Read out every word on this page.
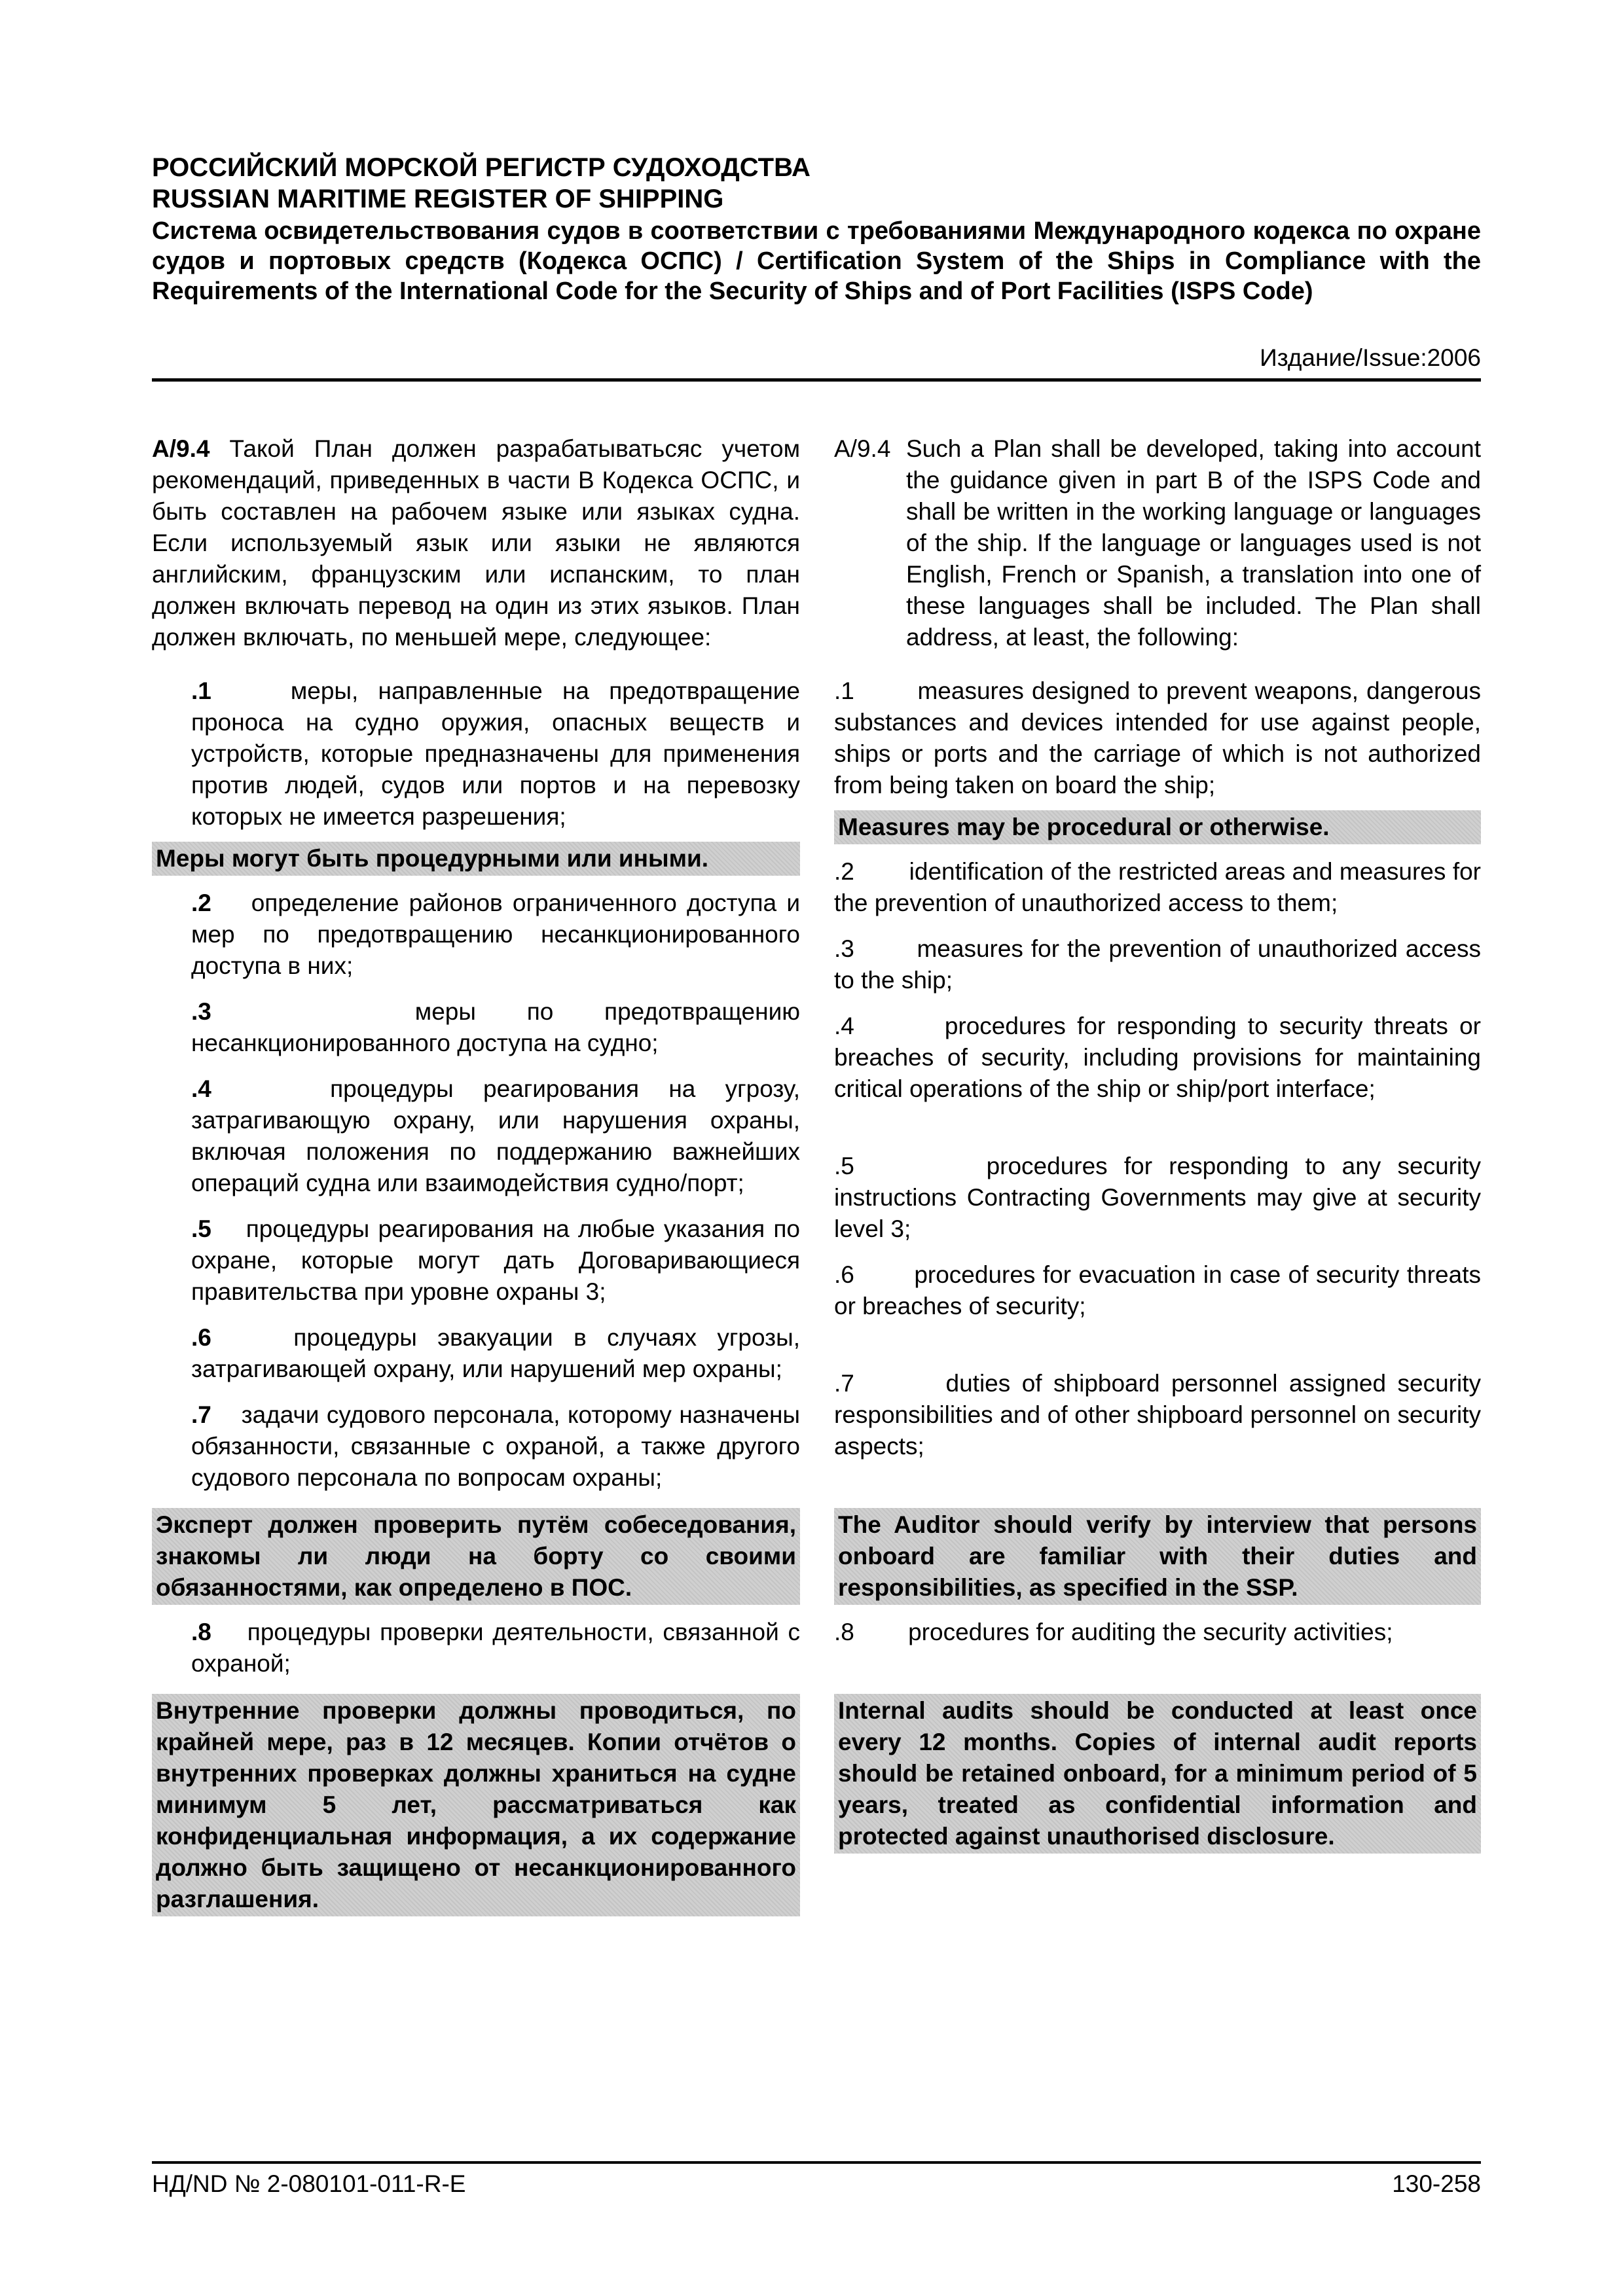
РОССИЙСКИЙ МОРСКОЙ РЕГИСТР СУДОХОДСТВА
RUSSIAN MARITIME REGISTER OF SHIPPING
Система освидетельствования судов в соответствии с требованиями Международного кодекса по охране судов и портовых средств (Кодекса ОСПС) / Certification System of the Ships in Compliance with the Requirements of the International Code for the Security of Ships and of Port Facilities (ISPS Code)
Издание/Issue:2006
А/9.4 Такой План должен разрабатыватьсяс учетом рекомендаций, приведенных в части В Кодекса ОСПС, и быть составлен на рабочем языке или языках судна. Если используемый язык или языки не являются английским, французским или испанским, то план должен включать перевод на один из этих языков. План должен включать, по меньшей мере, следующее:
.1	меры, направленные на предотвращение проноса на судно оружия, опасных веществ и устройств, которые предназначены для применения против людей, судов или портов и на перевозку которых не имеется разрешения;
Меры могут быть процедурными или иными.
.2 определение районов ограниченного доступа и мер по предотвращению несанкционированного доступа в них;
.3	меры по предотвращению несанкционированного доступа на судно;
.4	процедуры реагирования на угрозу, затрагивающую охрану, или нарушения охраны, включая положения по поддержанию важнейших операций судна или взаимодействия судно/порт;
.5 процедуры реагирования на любые указания по охране, которые могут дать Договаривающиеся правительства при уровне охраны 3;
.6	процедуры эвакуации в случаях угрозы, затрагивающей охрану, или нарушений мер охраны;
.7 задачи судового персонала, которому назначены обязанности, связанные с охраной, а также другого судового персонала по вопросам охраны;
Эксперт должен проверить путём собеседования, знакомы ли люди на борту со своими обязанностями, как определено в ПОС.
.8 процедуры проверки деятельности, связанной с охраной;
Внутренние проверки должны проводиться, по крайней мере, раз в 12 месяцев. Копии отчётов о внутренних проверках должны храниться на судне минимум 5 лет, рассматриваться как конфиденциальная информация, а их содержание должно быть защищено от несанкционированного разглашения.
A/9.4 Such a Plan shall be developed, taking into account the guidance given in part B of the ISPS Code and shall be written in the working language or languages of the ship. If the language or languages used is not English, French or Spanish, a translation into one of these languages shall be included. The Plan shall address, at least, the following:
.1	measures designed to prevent weapons, dangerous substances and devices intended for use against people, ships or ports and the carriage of which is not authorized from being taken on board the ship;
Measures may be procedural or otherwise.
.2 identification of the restricted areas and measures for the prevention of unauthorized access to them;
.3	measures for the prevention of unauthorized access to the ship;
.4	procedures for responding to security threats or breaches of security, including provisions for maintaining critical operations of the ship or ship/port interface;
.5	procedures for responding to any security instructions Contracting Governments may give at security level 3;
.6 procedures for evacuation in case of security threats or breaches of security;
.7	duties of shipboard personnel assigned security responsibilities and of other shipboard personnel on security aspects;
The Auditor should verify by interview that persons onboard are familiar with their duties and responsibilities, as specified in the SSP.
.8 procedures for auditing the security activities;
Internal audits should be conducted at least once every 12 months. Copies of internal audit reports should be retained onboard, for a minimum period of 5 years, treated as confidential information and protected against unauthorised disclosure.
НД/ND № 2-080101-011-R-E	130-258
